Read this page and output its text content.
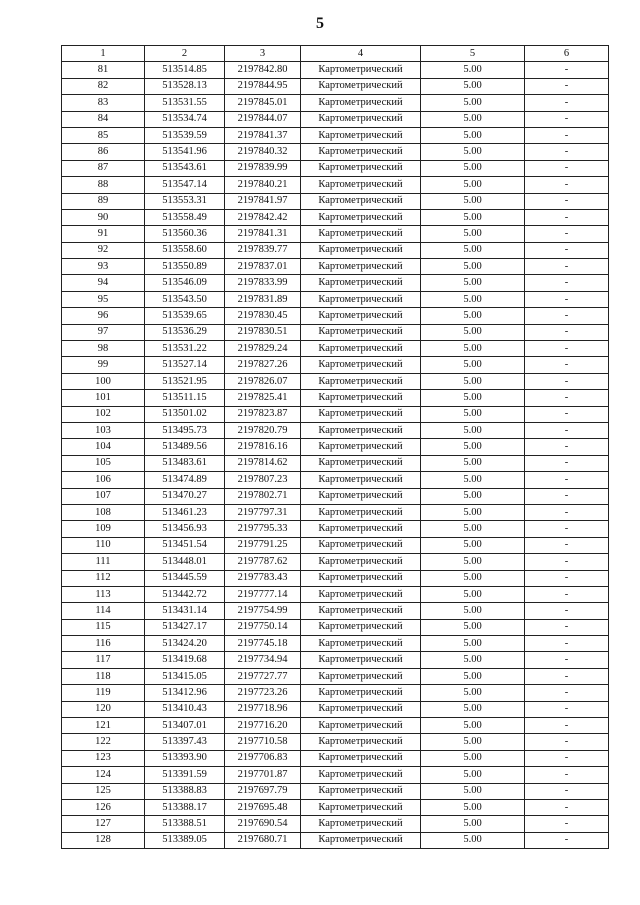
5
1	2	3	4	5	6
81	513514.85	2197842.80	Картометрический	5.00	-
82	513528.13	2197844.95	Картометрический	5.00	-
83	513531.55	2197845.01	Картометрический	5.00	-
84	513534.74	2197844.07	Картометрический	5.00	-
85	513539.59	2197841.37	Картометрический	5.00	-
86	513541.96	2197840.32	Картометрический	5.00	-
87	513543.61	2197839.99	Картометрический	5.00	-
88	513547.14	2197840.21	Картометрический	5.00	-
89	513553.31	2197841.97	Картометрический	5.00	-
90	513558.49	2197842.42	Картометрический	5.00	-
91	513560.36	2197841.31	Картометрический	5.00	-
92	513558.60	2197839.77	Картометрический	5.00	-
93	513550.89	2197837.01	Картометрический	5.00	-
94	513546.09	2197833.99	Картометрический	5.00	-
95	513543.50	2197831.89	Картометрический	5.00	-
96	513539.65	2197830.45	Картометрический	5.00	-
97	513536.29	2197830.51	Картометрический	5.00	-
98	513531.22	2197829.24	Картометрический	5.00	-
99	513527.14	2197827.26	Картометрический	5.00	-
100	513521.95	2197826.07	Картометрический	5.00	-
101	513511.15	2197825.41	Картометрический	5.00	-
102	513501.02	2197823.87	Картометрический	5.00	-
103	513495.73	2197820.79	Картометрический	5.00	-
104	513489.56	2197816.16	Картометрический	5.00	-
105	513483.61	2197814.62	Картометрический	5.00	-
106	513474.89	2197807.23	Картометрический	5.00	-
107	513470.27	2197802.71	Картометрический	5.00	-
108	513461.23	2197797.31	Картометрический	5.00	-
109	513456.93	2197795.33	Картометрический	5.00	-
110	513451.54	2197791.25	Картометрический	5.00	-
111	513448.01	2197787.62	Картометрический	5.00	-
112	513445.59	2197783.43	Картометрический	5.00	-
113	513442.72	2197777.14	Картометрический	5.00	-
114	513431.14	2197754.99	Картометрический	5.00	-
115	513427.17	2197750.14	Картометрический	5.00	-
116	513424.20	2197745.18	Картометрический	5.00	-
117	513419.68	2197734.94	Картометрический	5.00	-
118	513415.05	2197727.77	Картометрический	5.00	-
119	513412.96	2197723.26	Картометрический	5.00	-
120	513410.43	2197718.96	Картометрический	5.00	-
121	513407.01	2197716.20	Картометрический	5.00	-
122	513397.43	2197710.58	Картометрический	5.00	-
123	513393.90	2197706.83	Картометрический	5.00	-
124	513391.59	2197701.87	Картометрический	5.00	-
125	513388.83	2197697.79	Картометрический	5.00	-
126	513388.17	2197695.48	Картометрический	5.00	-
127	513388.51	2197690.54	Картометрический	5.00	-
128	513389.05	2197680.71	Картометрический	5.00	-
